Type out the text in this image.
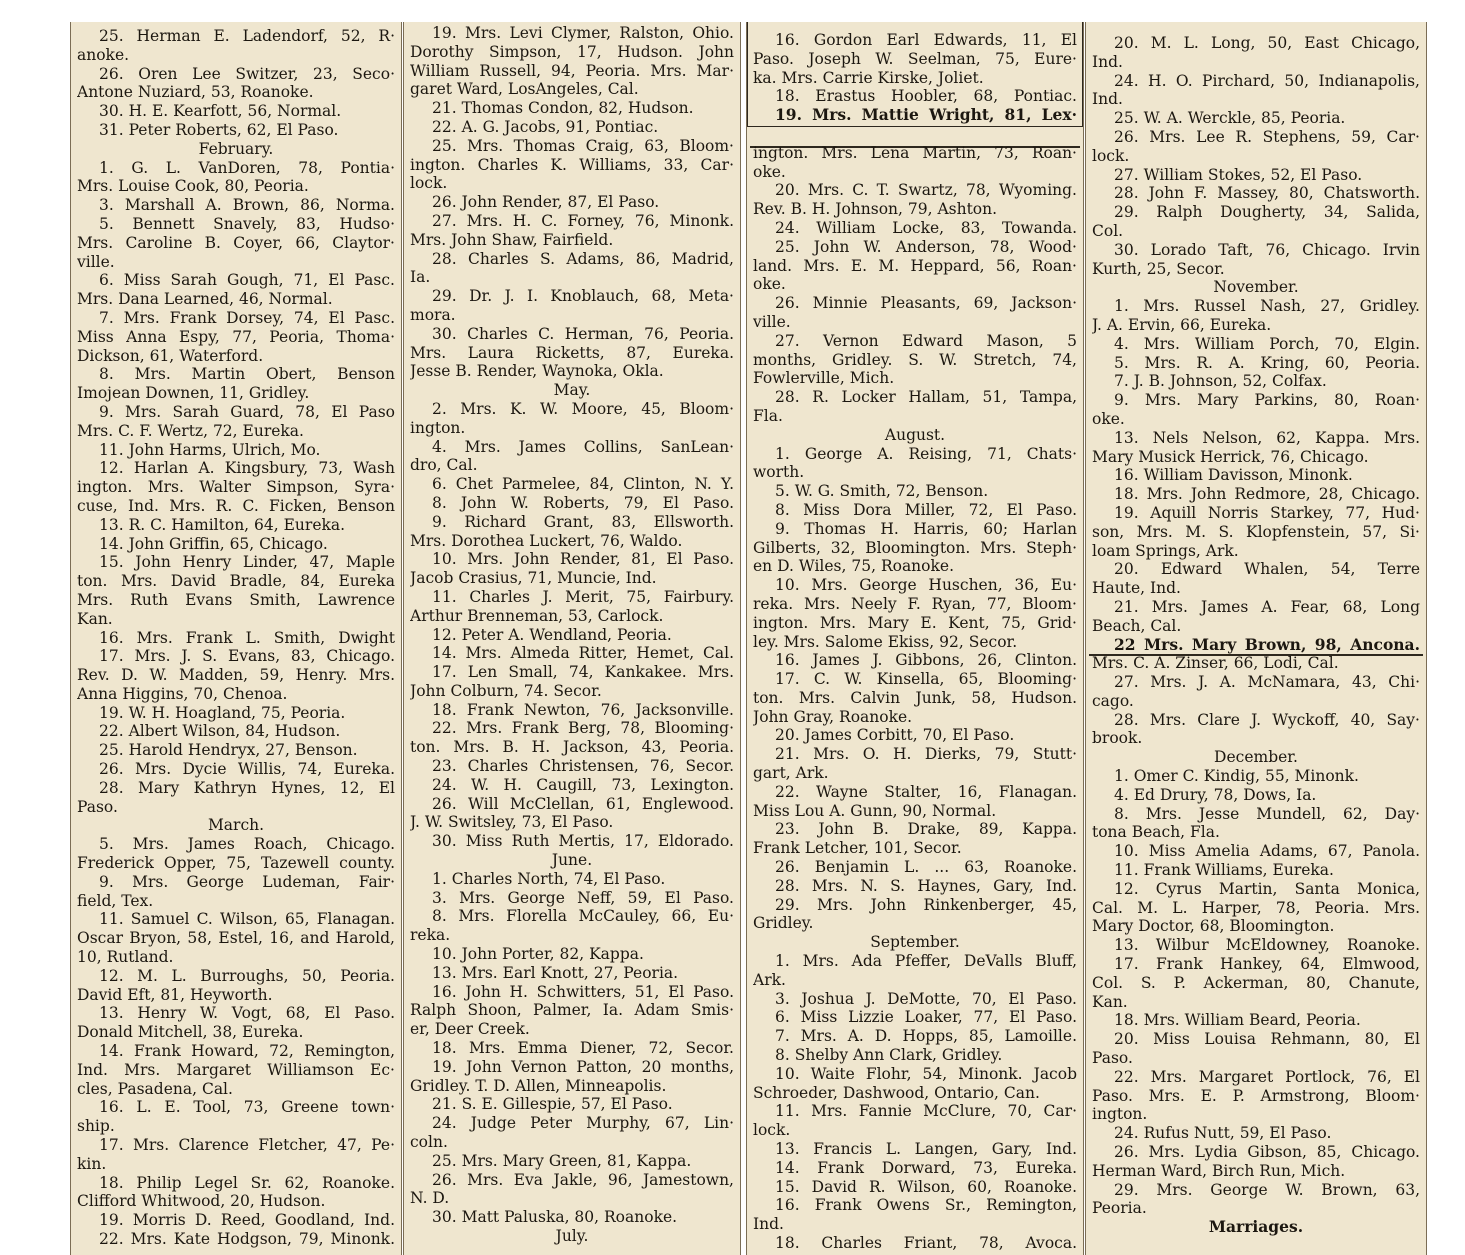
25. Herman E. Ladendorf, 52, R·
anoke.
26. Oren Lee Switzer, 23, Seco·
Antone Nuziard, 53, Roanoke.
30. H. E. Kearfott, 56, Normal.
31. Peter Roberts, 62, El Paso.
February.
1. G. L. VanDoren, 78, Pontia·
Mrs. Louise Cook, 80, Peoria.
3. Marshall A. Brown, 86, Norma.
5. Bennett Snavely, 83, Hudso·
Mrs. Caroline B. Coyer, 66, Claytor·
ville.
6. Miss Sarah Gough, 71, El Pasc.
Mrs. Dana Learned, 46, Normal.
7. Mrs. Frank Dorsey, 74, El Pasc.
Miss Anna Espy, 77, Peoria, Thoma·
Dickson, 61, Waterford.
8. Mrs. Martin Obert, Benson
Imojean Downen, 11, Gridley.
9. Mrs. Sarah Guard, 78, El Paso
Mrs. C. F. Wertz, 72, Eureka.
11. John Harms, Ulrich, Mo.
12. Harlan A. Kingsbury, 73, Wash
ington. Mrs. Walter Simpson, Syra·
cuse, Ind. Mrs. R. C. Ficken, Benson
13. R. C. Hamilton, 64, Eureka.
14. John Griffin, 65, Chicago.
15. John Henry Linder, 47, Maple
ton. Mrs. David Bradle, 84, Eureka
Mrs. Ruth Evans Smith, Lawrence
Kan.
16. Mrs. Frank L. Smith, Dwight
17. Mrs. J. S. Evans, 83, Chicago.
Rev. D. W. Madden, 59, Henry. Mrs.
Anna Higgins, 70, Chenoa.
19. W. H. Hoagland, 75, Peoria.
22. Albert Wilson, 84, Hudson.
25. Harold Hendryx, 27, Benson.
26. Mrs. Dycie Willis, 74, Eureka.
28. Mary Kathryn Hynes, 12, El
Paso.
March.
5. Mrs. James Roach, Chicago.
Frederick Opper, 75, Tazewell county.
9. Mrs. George Ludeman, Fair·
field, Tex.
11. Samuel C. Wilson, 65, Flanagan.
Oscar Bryon, 58, Estel, 16, and Harold,
10, Rutland.
12. M. L. Burroughs, 50, Peoria.
David Eft, 81, Heyworth.
13. Henry W. Vogt, 68, El Paso.
Donald Mitchell, 38, Eureka.
14. Frank Howard, 72, Remington,
Ind. Mrs. Margaret Williamson Ec·
cles, Pasadena, Cal.
16. L. E. Tool, 73, Greene town·
ship.
17. Mrs. Clarence Fletcher, 47, Pe·
kin.
18. Philip Legel Sr. 62, Roanoke.
Clifford Whitwood, 20, Hudson.
19. Morris D. Reed, Goodland, Ind.
22. Mrs. Kate Hodgson, 79, Minonk.
19. Mrs. Levi Clymer, Ralston, Ohio.
Dorothy Simpson, 17, Hudson. John
William Russell, 94, Peoria. Mrs. Mar·
garet Ward, LosAngeles, Cal.
21. Thomas Condon, 82, Hudson.
22. A. G. Jacobs, 91, Pontiac.
25. Mrs. Thomas Craig, 63, Bloom·
ington. Charles K. Williams, 33, Car·
lock.
26. John Render, 87, El Paso.
27. Mrs. H. C. Forney, 76, Minonk.
Mrs. John Shaw, Fairfield.
28. Charles S. Adams, 86, Madrid,
Ia.
29. Dr. J. I. Knoblauch, 68, Meta·
mora.
30. Charles C. Herman, 76, Peoria.
Mrs. Laura Ricketts, 87, Eureka.
Jesse B. Render, Waynoka, Okla.
May.
2. Mrs. K. W. Moore, 45, Bloom·
ington.
4. Mrs. James Collins, SanLean·
dro, Cal.
6. Chet Parmelee, 84, Clinton, N. Y.
8. John W. Roberts, 79, El Paso.
9. Richard Grant, 83, Ellsworth.
Mrs. Dorothea Luckert, 76, Waldo.
10. Mrs. John Render, 81, El Paso.
Jacob Crasius, 71, Muncie, Ind.
11. Charles J. Merit, 75, Fairbury.
Arthur Brenneman, 53, Carlock.
12. Peter A. Wendland, Peoria.
14. Mrs. Almeda Ritter, Hemet, Cal.
17. Len Small, 74, Kankakee. Mrs.
John Colburn, 74. Secor.
18. Frank Newton, 76, Jacksonville.
22. Mrs. Frank Berg, 78, Blooming·
ton. Mrs. B. H. Jackson, 43, Peoria.
23. Charles Christensen, 76, Secor.
24. W. H. Caugill, 73, Lexington.
26. Will McClellan, 61, Englewood.
J. W. Switsley, 73, El Paso.
30. Miss Ruth Mertis, 17, Eldorado.
June.
1. Charles North, 74, El Paso.
3. Mrs. George Neff, 59, El Paso.
8. Mrs. Florella McCauley, 66, Eu·
reka.
10. John Porter, 82, Kappa.
13. Mrs. Earl Knott, 27, Peoria.
16. John H. Schwitters, 51, El Paso.
Ralph Shoon, Palmer, Ia. Adam Smis·
er, Deer Creek.
18. Mrs. Emma Diener, 72, Secor.
19. John Vernon Patton, 20 months,
Gridley. T. D. Allen, Minneapolis.
21. S. E. Gillespie, 57, El Paso.
24. Judge Peter Murphy, 67, Lin·
coln.
25. Mrs. Mary Green, 81, Kappa.
26. Mrs. Eva Jakle, 96, Jamestown,
N. D.
30. Matt Paluska, 80, Roanoke.
July.
16. Gordon Earl Edwards, 11, El
Paso. Joseph W. Seelman, 75, Eure·
ka. Mrs. Carrie Kirske, Joliet.
18. Erastus Hoobler, 68, Pontiac.
19. Mrs. Mattie Wright, 81, Lex·
ington. Mrs. Lena Martin, 73, Roan·
oke.
20. Mrs. C. T. Swartz, 78, Wyoming.
Rev. B. H. Johnson, 79, Ashton.
24. William Locke, 83, Towanda.
25. John W. Anderson, 78, Wood·
land. Mrs. E. M. Heppard, 56, Roan·
oke.
26. Minnie Pleasants, 69, Jackson·
ville.
27. Vernon Edward Mason, 5
months, Gridley. S. W. Stretch, 74,
Fowlerville, Mich.
28. R. Locker Hallam, 51, Tampa,
Fla.
August.
1. George A. Reising, 71, Chats·
worth.
5. W. G. Smith, 72, Benson.
8. Miss Dora Miller, 72, El Paso.
9. Thomas H. Harris, 60; Harlan
Gilberts, 32, Bloomington. Mrs. Steph·
en D. Wiles, 75, Roanoke.
10. Mrs. George Huschen, 36, Eu·
reka. Mrs. Neely F. Ryan, 77, Bloom·
ington. Mrs. Mary E. Kent, 75, Grid·
ley. Mrs. Salome Ekiss, 92, Secor.
16. James J. Gibbons, 26, Clinton.
17. C. W. Kinsella, 65, Blooming·
ton. Mrs. Calvin Junk, 58, Hudson.
John Gray, Roanoke.
20. James Corbitt, 70, El Paso.
21. Mrs. O. H. Dierks, 79, Stutt·
gart, Ark.
22. Wayne Stalter, 16, Flanagan.
Miss Lou A. Gunn, 90, Normal.
23. John B. Drake, 89, Kappa.
Frank Letcher, 101, Secor.
26. Benjamin L. ... 63, Roanoke.
28. Mrs. N. S. Haynes, Gary, Ind.
29. Mrs. John Rinkenberger, 45,
Gridley.
September.
1. Mrs. Ada Pfeffer, DeValls Bluff,
Ark.
3. Joshua J. DeMotte, 70, El Paso.
6. Miss Lizzie Loaker, 77, El Paso.
7. Mrs. A. D. Hopps, 85, Lamoille.
8. Shelby Ann Clark, Gridley.
10. Waite Flohr, 54, Minonk. Jacob
Schroeder, Dashwood, Ontario, Can.
11. Mrs. Fannie McClure, 70, Car·
lock.
13. Francis L. Langen, Gary, Ind.
14. Frank Dorward, 73, Eureka.
15. David R. Wilson, 60, Roanoke.
16. Frank Owens Sr., Remington,
Ind.
18. Charles Friant, 78, Avoca.
20. M. L. Long, 50, East Chicago,
Ind.
24. H. O. Pirchard, 50, Indianapolis,
Ind.
25. W. A. Werckle, 85, Peoria.
26. Mrs. Lee R. Stephens, 59, Car·
lock.
27. William Stokes, 52, El Paso.
28. John F. Massey, 80, Chatsworth.
29. Ralph Dougherty, 34, Salida,
Col.
30. Lorado Taft, 76, Chicago. Irvin
Kurth, 25, Secor.
November.
1. Mrs. Russel Nash, 27, Gridley.
J. A. Ervin, 66, Eureka.
4. Mrs. William Porch, 70, Elgin.
5. Mrs. R. A. Kring, 60, Peoria.
7. J. B. Johnson, 52, Colfax.
9. Mrs. Mary Parkins, 80, Roan·
oke.
13. Nels Nelson, 62, Kappa. Mrs.
Mary Musick Herrick, 76, Chicago.
16. William Davisson, Minonk.
18. Mrs. John Redmore, 28, Chicago.
19. Aquill Norris Starkey, 77, Hud·
son, Mrs. M. S. Klopfenstein, 57, Si·
loam Springs, Ark.
20. Edward Whalen, 54, Terre
Haute, Ind.
21. Mrs. James A. Fear, 68, Long
Beach, Cal.
22 Mrs. Mary Brown, 98, Ancona.
Mrs. C. A. Zinser, 66, Lodi, Cal.
27. Mrs. J. A. McNamara, 43, Chi·
cago.
28. Mrs. Clare J. Wyckoff, 40, Say·
brook.
December.
1. Omer C. Kindig, 55, Minonk.
4. Ed Drury, 78, Dows, Ia.
8. Mrs. Jesse Mundell, 62, Day·
tona Beach, Fla.
10. Miss Amelia Adams, 67, Panola.
11. Frank Williams, Eureka.
12. Cyrus Martin, Santa Monica,
Cal. M. L. Harper, 78, Peoria. Mrs.
Mary Doctor, 68, Bloomington.
13. Wilbur McEldowney, Roanoke.
17. Frank Hankey, 64, Elmwood,
Col. S. P. Ackerman, 80, Chanute,
Kan.
18. Mrs. William Beard, Peoria.
20. Miss Louisa Rehmann, 80, El
Paso.
22. Mrs. Margaret Portlock, 76, El
Paso. Mrs. E. P. Armstrong, Bloom·
ington.
24. Rufus Nutt, 59, El Paso.
26. Mrs. Lydia Gibson, 85, Chicago.
Herman Ward, Birch Run, Mich.
29. Mrs. George W. Brown, 63,
Peoria.
Marriages.
